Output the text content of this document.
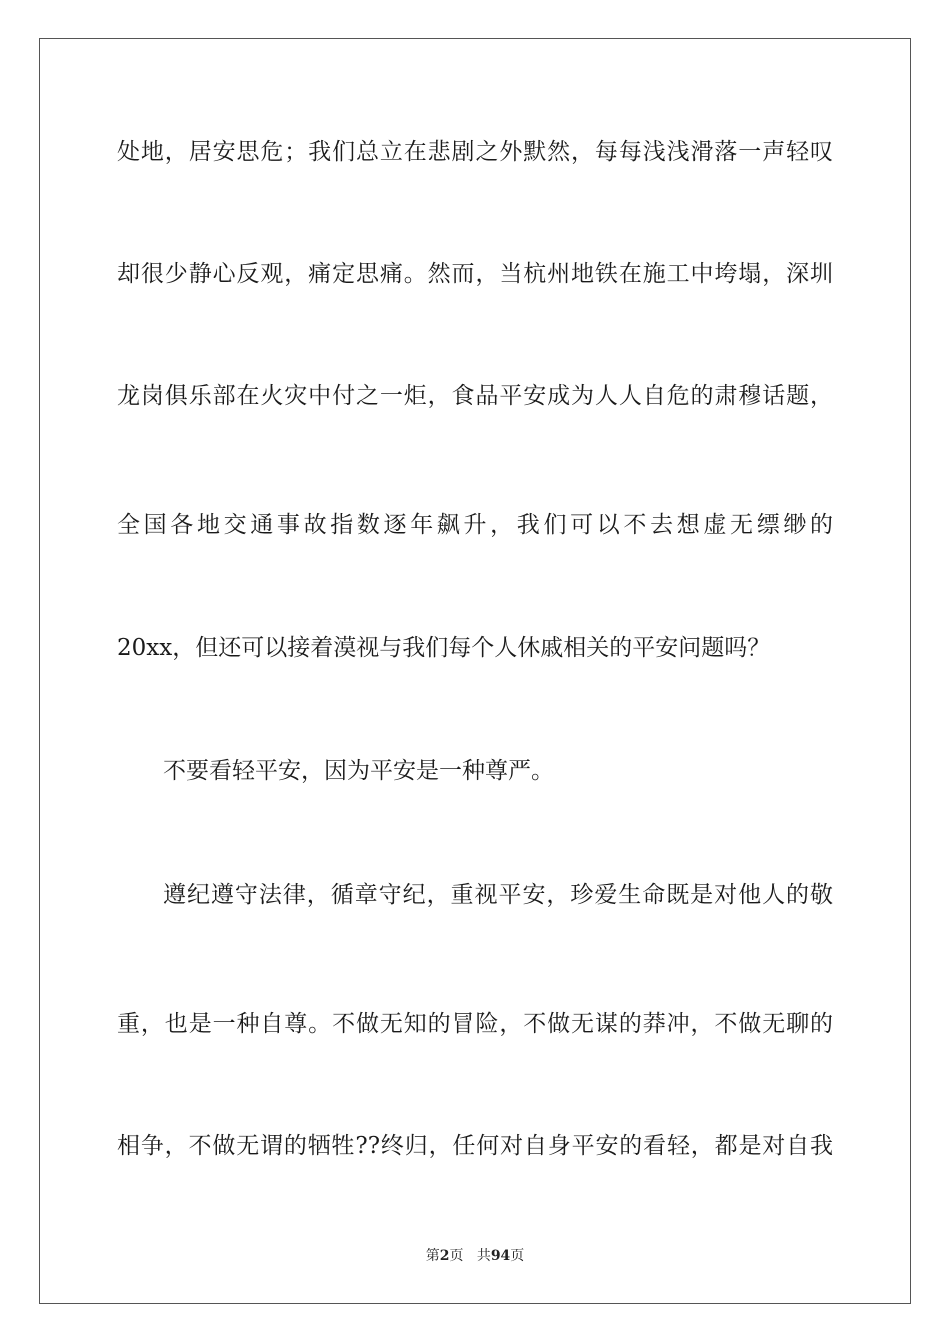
处地，居安思危；我们总立在悲剧之外默然，每每浅浅滑落一声轻叹
却很少静心反观，痛定思痛。然而，当杭州地铁在施工中垮塌，深圳
龙岗俱乐部在火灾中付之一炬，食品平安成为人人自危的肃穆话题，
全国各地交通事故指数逐年飙升，我们可以不去想虚无缥缈的
20xx，但还可以接着漠视与我们每个人休戚相关的平安问题吗？
不要看轻平安，因为平安是一种尊严。
遵纪遵守法律，循章守纪，重视平安，珍爱生命既是对他人的敬
重，也是一种自尊。不做无知的冒险，不做无谋的莽冲，不做无聊的
相争，不做无谓的牺牲??终归，任何对自身平安的看轻，都是对自我
第2页 共94页
